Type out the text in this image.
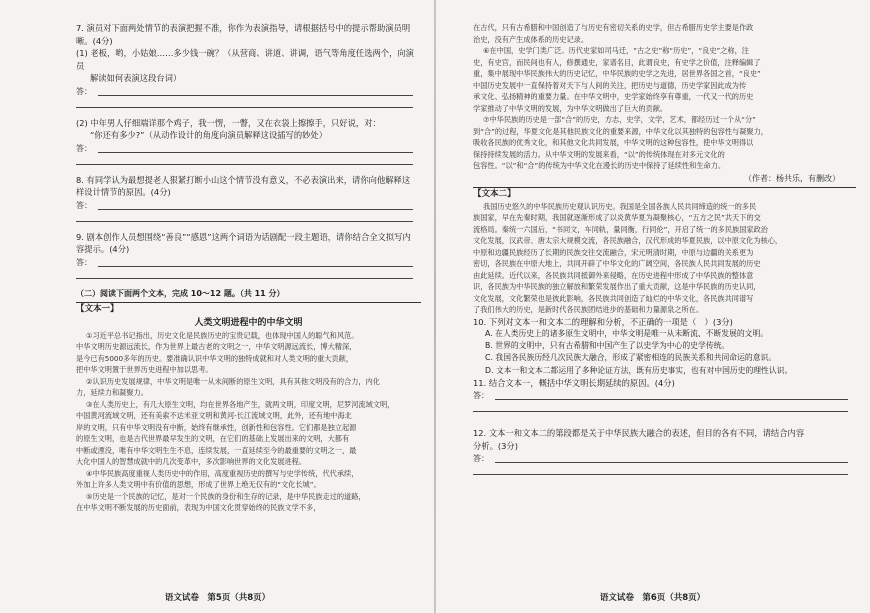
7. 演员对下面两处情节的表演把握不准，你作为表演指导，请根据括号中的提示帮助演员明
晰。(4分)
(1) 老板，哟，小姑娘……多少钱一碗？（从营商、讲道、讲调，语气等角度任选两个，向演员
解读如何表演这段台词）
答：
(2) 中年男人仔细端详那个鸡子，我一愣，一瞥，又在衣袋上擦擦手，只好说，对：
“你还有多少?”（从动作设计的角度向演员解释这设插写的妙处）
答：
8. 有同学认为最想提老人狠紧打断小山这个情节没有意义，不必表演出来，请你向他解释这
样设计情节的原因。(4分)
答：
9. 剧本创作人员想围绕“善良”“感恩”这两个词语为话剧配一段主题语，请你结合全文拟写内
容提示。(4分)
答：
（二）阅读下面两个文本，完成 10～12 题。（共 11 分）
【文本一】
人类文明进程中的中华文明
①习近平总书记指出，历史文化是民族历史的宝贵记载，也体现中国人的聪气和风范。
中华文明历史源远流长，作为世界上最古老的文明之一，中华文明源远流长，博大精深，
是今已有5000多年的历史。要准确认识中华文明的独特成就和对人类文明的重大贡献，
把中华文明置于世界历史进程中加以思考。
②认识历史发展规律，中华文明是唯一从未间断的原生文明，具有其他文明没有的合力，内化
力，延续力和凝聚力。
③在人类历史上，有几大原生文明，均在世界各地产生，就两文明，印度文明，尼罗河流域文明，
中国黄河流域文明，还有美索不达米亚文明和黄河-长江流域文明，此外，还有地中海北
岸的文明，只有中华文明没有中断，始终有继承性，创新性和包容性。它们都是独立起源
的原生文明，也是古代世界最早发生的文明，在它们的基础上发展出来的文明，大都有
中断或湮没，唯有中华文明生生不息，连续发展，一直延续至今的最重要的文明之一，最
大化中国人的智慧成就中的几次变革中，多次影响世界的文化发展进程。
④中华民族高度重视人类历史中的作用，高度重视历史的撰写与史学传统，代代承续，
外加上许多人类文明中有价值的思想，形成了世界上绝无仅有的“文化长城”。
⑤历史是一个民族的记忆，是对一个民族的身份和生存的记录，是中华民族走过的道路，
在中华文明不断发展的历史面前，表现为中国文化贯穿始终的民族文学不多，
语文试卷　第5页（共8页）
在古代，只有古希腊和中国创造了与历史有密切关系的史学，但古希腊历史学主要是作政
治史，没有产生成体系的历史记录。
⑥在中国，史学门类广泛。历代史家如司马迁，“古之史”称“历史”，“良史”之称，注
史，有史官，而民间也有人，修撰通史，家谱名目，此谓良史，有史学之价值，注释编辑了
重，集中展现中华民族伟大的历史记忆，中华民族的史学之先进，居世界各国之首，“良史”
中国历史发展中一直保持着对天下与人间的关注，把历史与道德，历史学家因此成为传
承文化、弘扬精神的重要力量。在中华文明中，史学家始终享有尊重，一代又一代的历史
学家推动了中华文明的发展，为中华文明做出了巨大的贡献。
⑦中华民族的历史是一部“合”的历史，方志，史学，文学，艺术，都经历过一个从“分”
到“合”的过程，华夏文化是其他民族文化的重要来源，中华文化以其独特的包容性与凝聚力，
吸收各民族的优秀文化，和其他文化共同发展，中华文明的这种包容性，使中华文明得以
保持持续发展的活力。从中华文明的发展来看，“以”的传统体现在对多元文化的
包容性。“以”和“合”的传统为中华文化在漫长的历史中保持了延续性和生命力。
（作者：杨共乐，有删改）
【文本二】
我国历史悠久的中华民族历史观认识历史。我国是全国各族人民共同缔造的统一的多民
族国家，早在先秦时期，我国就逐渐形成了以炎黄华夏为凝聚核心，“五方之民”共天下的交
流格局。秦统一六国后，“书同文，车同轨，量同衡，行同伦”，开启了统一的多民族国家政治
文化发展，汉武帝、唐太宗大规模交流，各民族融合，汉代形成的华夏民族，以中原文化为核心，
中原和边疆民族经历了长期的民族交往交流融合，宋元明清时期，中原与边疆的关系更为
密切，各民族在中原大地上，共同开辟了中华文化的广阔空间，各民族人民共同发展的历史
由此延续。近代以来，各民族共同抵御外来侵略，在历史进程中形成了中华民族的整体意
识，各民族为中华民族的独立解放和繁荣发展作出了重大贡献，这是中华民族的历史认同，
文化发展，文化繁荣也是彼此影响，各民族共同创造了灿烂的中华文化，各民族共同谱写
了我们伟大的历史，是新时代各民族团结进步的基础和力量源泉之所在。
10. 下列对文本一和文本二的理解和分析，不正确的一项是（　）(3分)
A. 在人类历史上的诸多原生文明中，中华文明是唯一从未断流、不断发展的文明。
B. 世界的文明中，只有古希腊和中国产生了以史学为中心的史学传统。
C. 我国各民族历经几次民族大融合，形成了紧密相连的民族关系和共同命运的意识。
D. 文本一和文本二都运用了多种论证方法，既有历史事实，也有对中国历史的理性认识。
11. 结合文本一，概括中华文明长期延续的原因。(4分)
答：
12. 文本一和文本二的第段都是关于中华民族大融合的表述，但目的各有不同，请结合内容
分析。(3分)
答：
语文试卷　第6页（共8页）
